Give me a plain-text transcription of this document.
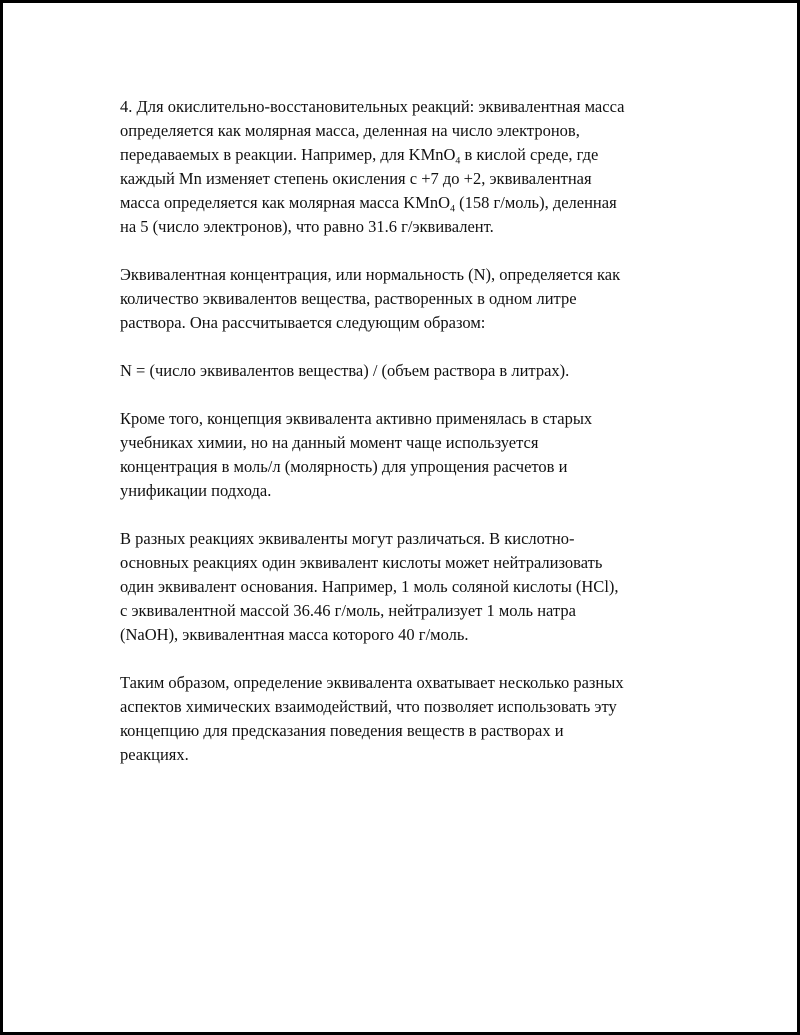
4. Для окислительно-восстановительных реакций: эквивалентная масса
определяется как молярная масса, деленная на число электронов,
передаваемых в реакции. Например, для KMnO$_4$ в кислой среде, где
каждый Mn изменяет степень окисления с +7 до +2, эквивалентная
масса определяется как молярная масса KMnO$_4$ (158 г/моль), деленная
на 5 (число электронов), что равно 31.6 г/эквивалент.

Эквивалентная концентрация, или нормальность (N), определяется как
количество эквивалентов вещества, растворенных в одном литре
раствора. Она рассчитывается следующим образом:

N = (число эквивалентов вещества) / (объем раствора в литрах).

Кроме того, концепция эквивалента активно применялась в старых
учебниках химии, но на данный момент чаще используется
концентрация в моль/л (молярность) для упрощения расчетов и
унификации подхода.

В разных реакциях эквиваленты могут различаться. В кислотно-
основных реакциях один эквивалент кислоты может нейтрализовать
один эквивалент основания. Например, 1 моль соляной кислоты (HCl),
с эквивалентной массой 36.46 г/моль, нейтрализует 1 моль натра
(NaOH), эквивалентная масса которого 40 г/моль.

Таким образом, определение эквивалента охватывает несколько разных
аспектов химических взаимодействий, что позволяет использовать эту
концепцию для предсказания поведения веществ в растворах и
реакциях.
